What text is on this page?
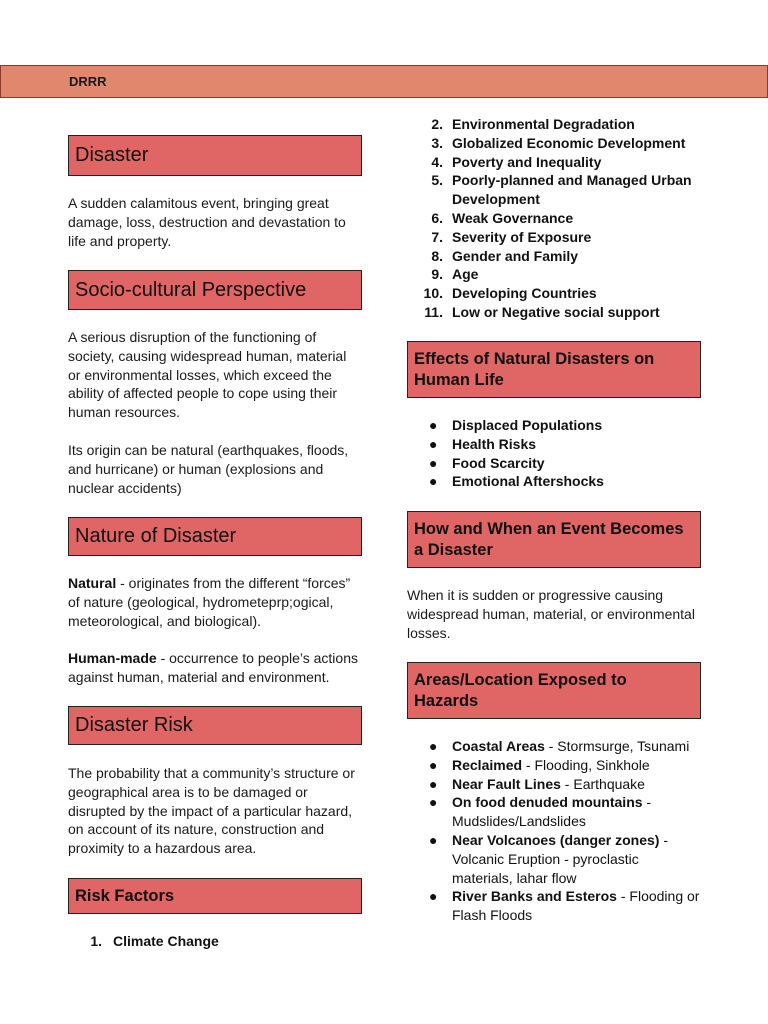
DRRR
Disaster
A sudden calamitous event, bringing great damage, loss, destruction and devastation to life and property.
Socio-cultural Perspective
A serious disruption of the functioning of society, causing widespread human, material or environmental losses, which exceed the ability of affected people to cope using their human resources.
Its origin can be natural (earthquakes, floods, and hurricane) or human (explosions and nuclear accidents)
Nature of Disaster
Natural - originates from the different “forces” of nature (geological, hydrometeprp;ogical, meteorological, and biological).
Human-made - occurrence to people’s actions against human, material and environment.
Disaster Risk
The probability that a community’s structure or geographical area is to be damaged or disrupted by the impact of a particular hazard, on account of its nature, construction and proximity to a hazardous area.
Risk Factors
1. Climate Change
2. Environmental Degradation
3. Globalized Economic Development
4. Poverty and Inequality
5. Poorly-planned and Managed Urban Development
6. Weak Governance
7. Severity of Exposure
8. Gender and Family
9. Age
10. Developing Countries
11. Low or Negative social support
Effects of Natural Disasters on Human Life
● Displaced Populations
● Health Risks
● Food Scarcity
● Emotional Aftershocks
How and When an Event Becomes a Disaster
When it is sudden or progressive causing widespread human, material, or environmental losses.
Areas/Location Exposed to Hazards
● Coastal Areas - Stormsurge, Tsunami
● Reclaimed - Flooding, Sinkhole
● Near Fault Lines - Earthquake
● On food denuded mountains - Mudslides/Landslides
● Near Volcanoes (danger zones) - Volcanic Eruption - pyroclastic materials, lahar flow
● River Banks and Esteros - Flooding or Flash Floods
